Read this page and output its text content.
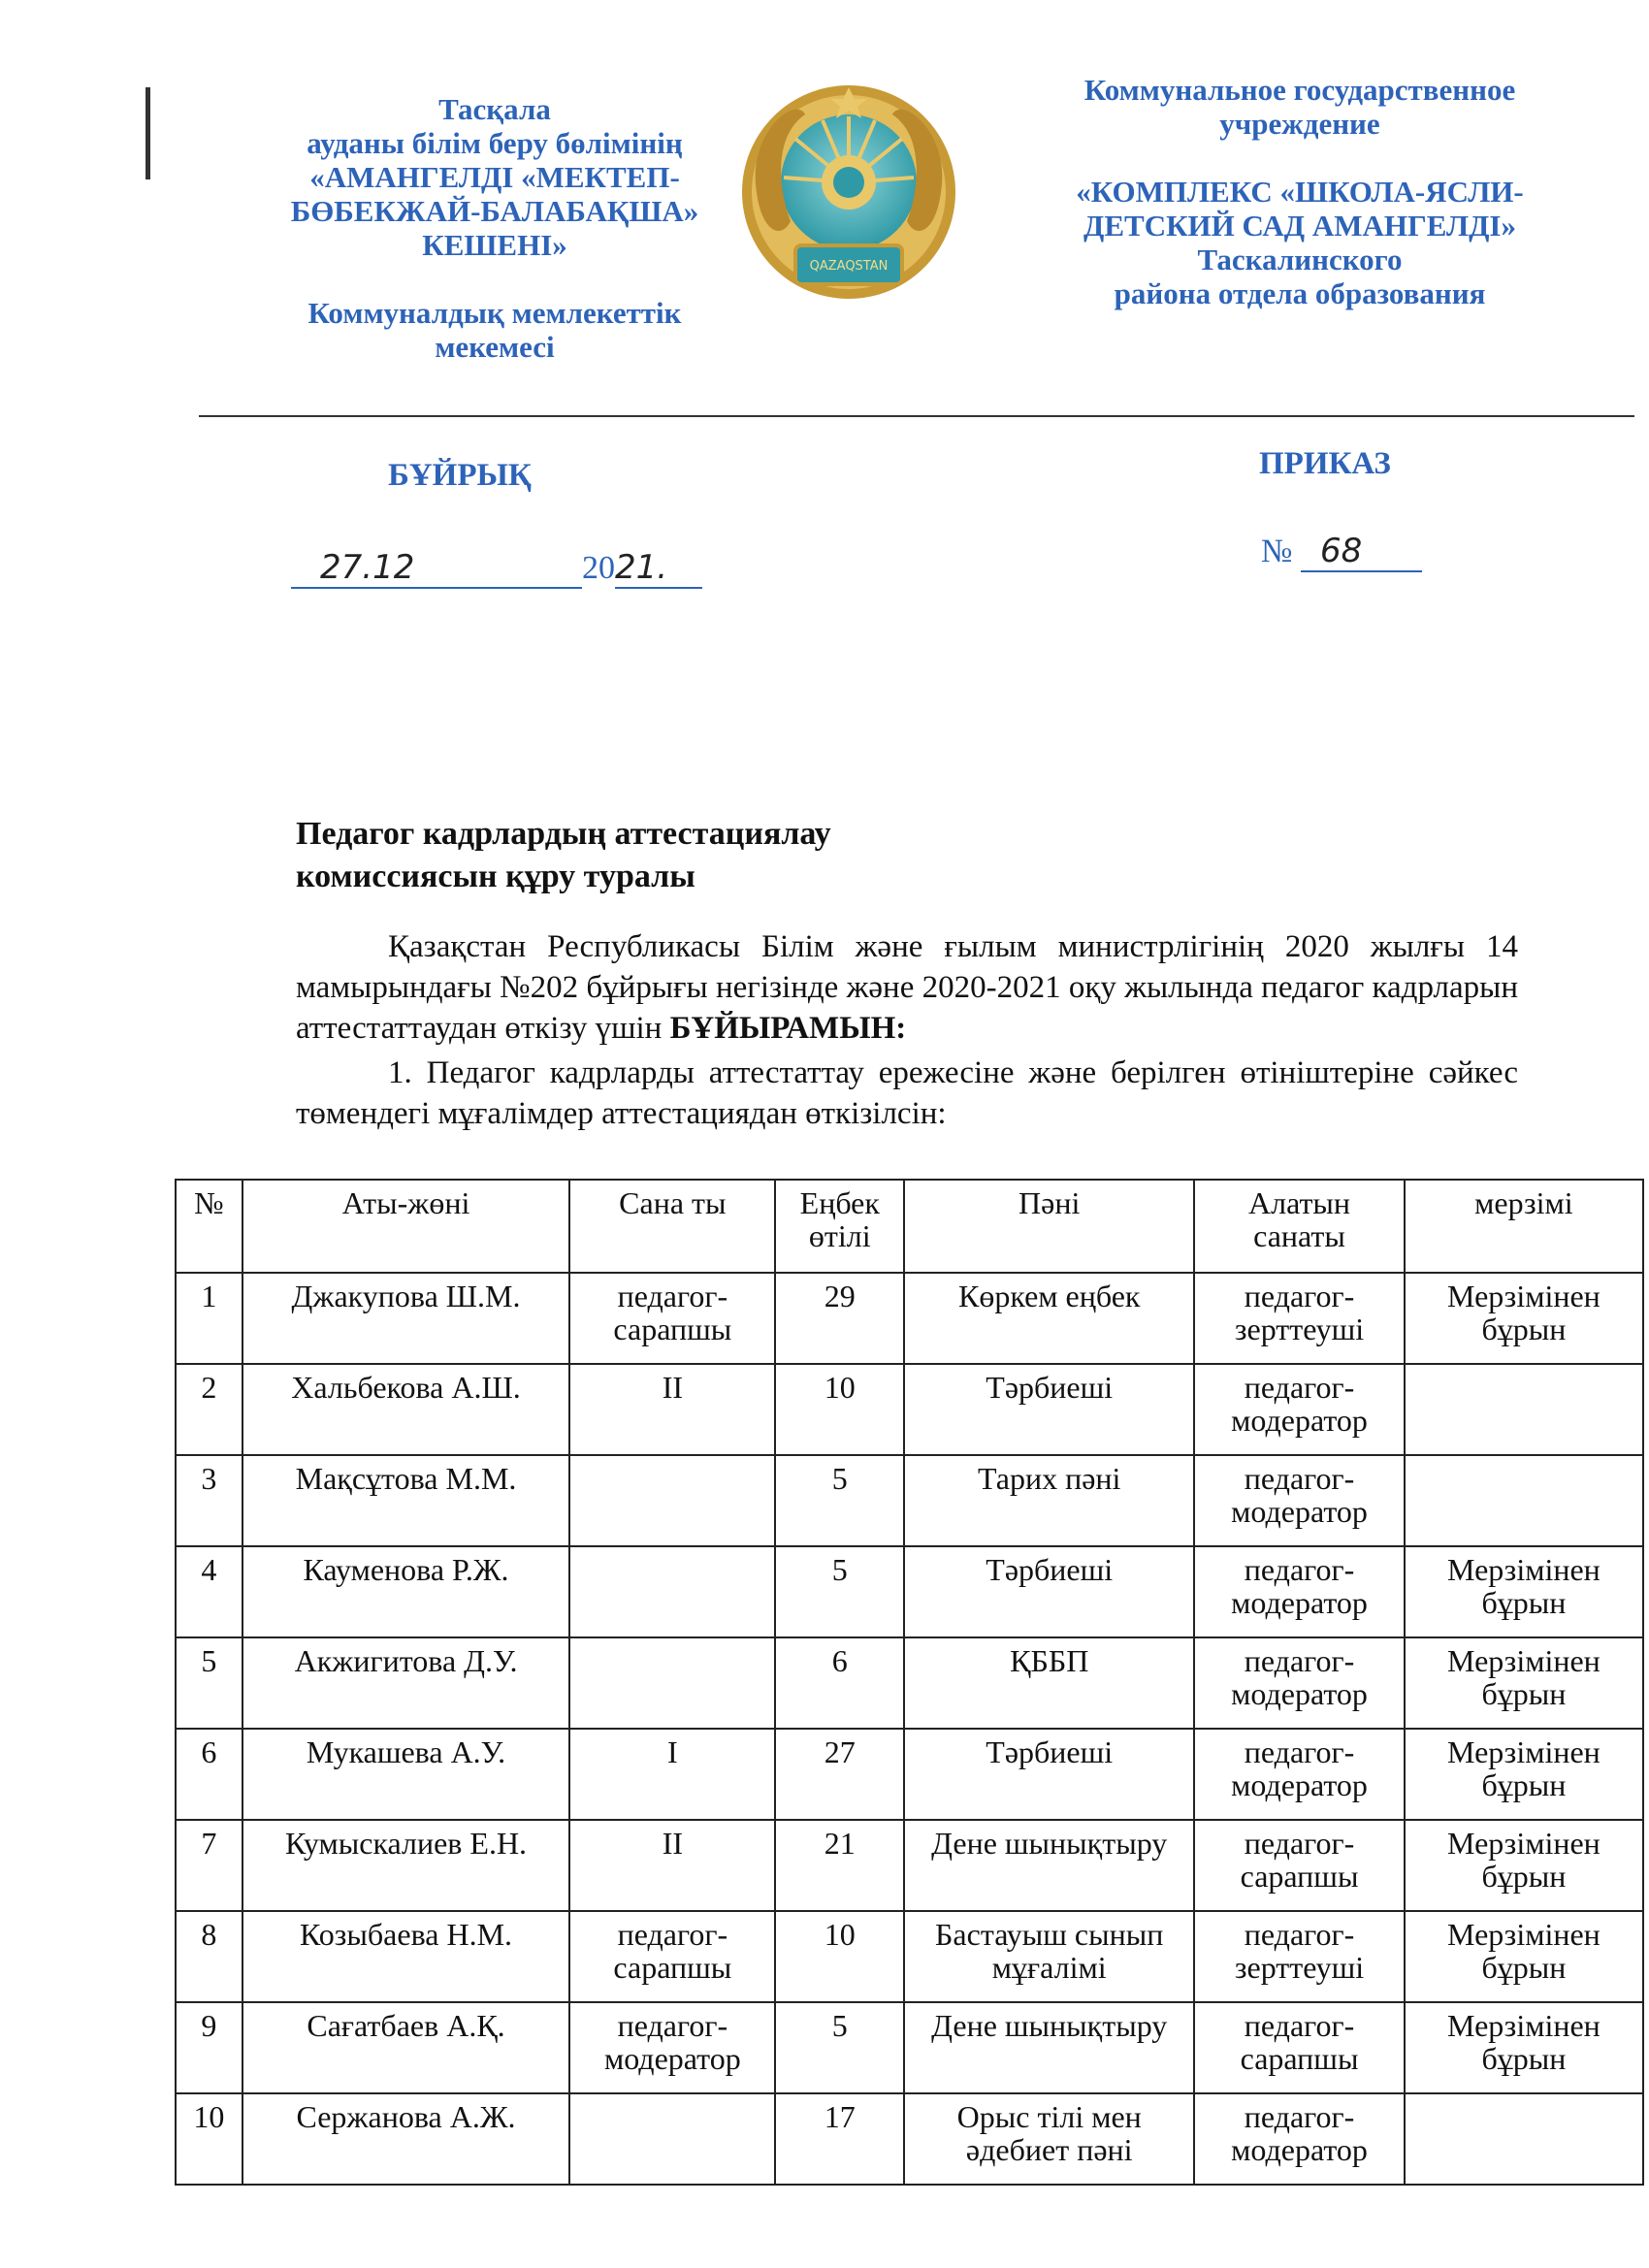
Тасқала
ауданы білім беру бөлімінің
«АМАНГЕЛДІ «МЕКТЕП-
БӨБЕКЖАЙ-БАЛАБАҚША»
КЕШЕНІ»
Коммуналдық мемлекеттік
мекемесі
QAZAQSTAN
Коммунальное государственное
учреждение
«КОМПЛЕКС «ШКОЛА-ЯСЛИ-
ДЕТСКИЙ САД АМАНГЕЛДІ»
Таскалинского
района отдела образования
БҰЙРЫҚ	ПРИКАЗ
27.12	2021.	№ 68
Педагог кадрлардың аттестациялау
комиссиясын құру туралы
Қазақстан Республикасы Білім және ғылым министрлігінің 2020 жылғы 14 мамырындағы №202 бұйрығы негізінде және 2020-2021 оқу жылында педагог кадрларын аттестаттаудан өткізу үшін БҰЙЫРАМЫН:
1. Педагог кадрларды аттестаттау ережесіне және берілген өтініштеріне сәйкес төмендегі мұғалімдер аттестациядан өткізілсін:
№	Аты-жөні	Сана ты	Еңбек өтілі	Пәні	Алатын санаты	мерзімі
1	Джакупова Ш.М.	педагог-сарапшы	29	Көркем еңбек	педагог-зерттеуші	Мерзімінен бұрын
2	Хальбекова А.Ш.	ІІ	10	Тәрбиеші	педагог-модератор	
3	Мақсұтова М.М.		5	Тарих пәні	педагог-модератор	
4	Кауменова Р.Ж.		5	Тәрбиеші	педагог-модератор	Мерзімінен бұрын
5	Акжигитова Д.У.		6	ҚББП	педагог-модератор	Мерзімінен бұрын
6	Мукашева А.У.	І	27	Тәрбиеші	педагог-модератор	Мерзімінен бұрын
7	Кумыскалиев Е.Н.	ІІ	21	Дене шынықтыру	педагог-сарапшы	Мерзімінен бұрын
8	Козыбаева Н.М.	педагог-сарапшы	10	Бастауыш сынып мұғалімі	педагог-зерттеуші	Мерзімінен бұрын
9	Сағатбаев А.Қ.	педагог-модератор	5	Дене шынықтыру	педагог-сарапшы	Мерзімінен бұрын
10	Сержанова А.Ж.		17	Орыс тілі мен әдебиет пәні	педагог-модератор	
